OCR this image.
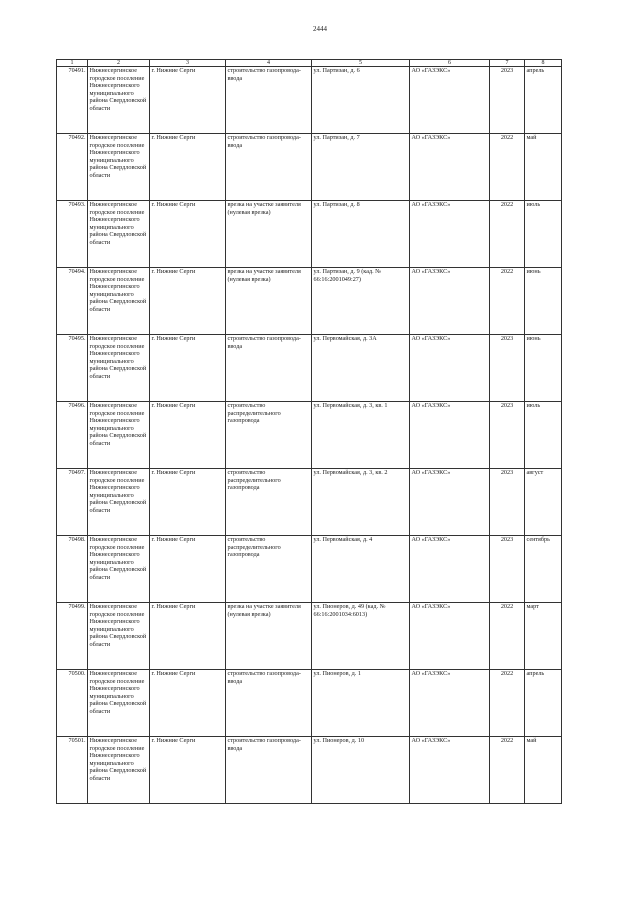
2444
1	2	3	4	5	6	7	8
70491.	Нижнесергинское городское поселение Нижнесергинского муниципального района Свердловской области	г. Нижние Серги	строительство газопровода-ввода	ул. Партизан, д. 6	АО «ГАЗЭКС»	2023	апрель
70492.	Нижнесергинское городское поселение Нижнесергинского муниципального района Свердловской области	г. Нижние Серги	строительство газопровода-ввода	ул. Партизан, д. 7	АО «ГАЗЭКС»	2022	май
70493.	Нижнесергинское городское поселение Нижнесергинского муниципального района Свердловской области	г. Нижние Серги	врезка на участке заявителя (нулевая врезка)	ул. Партизан, д. 8	АО «ГАЗЭКС»	2022	июль
70494.	Нижнесергинское городское поселение Нижнесергинского муниципального района Свердловской области	г. Нижние Серги	врезка на участке заявителя (нулевая врезка)	ул. Партизан, д. 9 (кад. № 66:16:2001049:27)	АО «ГАЗЭКС»	2022	июнь
70495.	Нижнесергинское городское поселение Нижнесергинского муниципального района Свердловской области	г. Нижние Серги	строительство газопровода-ввода	ул. Первомайская, д. 3А	АО «ГАЗЭКС»	2023	июнь
70496.	Нижнесергинское городское поселение Нижнесергинского муниципального района Свердловской области	г. Нижние Серги	строительство распределительного газопровода	ул. Первомайская, д. 3, кв. 1	АО «ГАЗЭКС»	2023	июль
70497.	Нижнесергинское городское поселение Нижнесергинского муниципального района Свердловской области	г. Нижние Серги	строительство распределительного газопровода	ул. Первомайская, д. 3, кв. 2	АО «ГАЗЭКС»	2023	август
70498.	Нижнесергинское городское поселение Нижнесергинского муниципального района Свердловской области	г. Нижние Серги	строительство распределительного газопровода	ул. Первомайская, д. 4	АО «ГАЗЭКС»	2023	сентябрь
70499.	Нижнесергинское городское поселение Нижнесергинского муниципального района Свердловской области	г. Нижние Серги	врезка на участке заявителя (нулевая врезка)	ул. Пионеров, д. 49 (кад. № 66:16:2001034:6013)	АО «ГАЗЭКС»	2022	март
70500.	Нижнесергинское городское поселение Нижнесергинского муниципального района Свердловской области	г. Нижние Серги	строительство газопровода-ввода	ул. Пионеров, д. 1	АО «ГАЗЭКС»	2022	апрель
70501.	Нижнесергинское городское поселение Нижнесергинского муниципального района Свердловской области	г. Нижние Серги	строительство газопровода-ввода	ул. Пионеров, д. 10	АО «ГАЗЭКС»	2022	май
